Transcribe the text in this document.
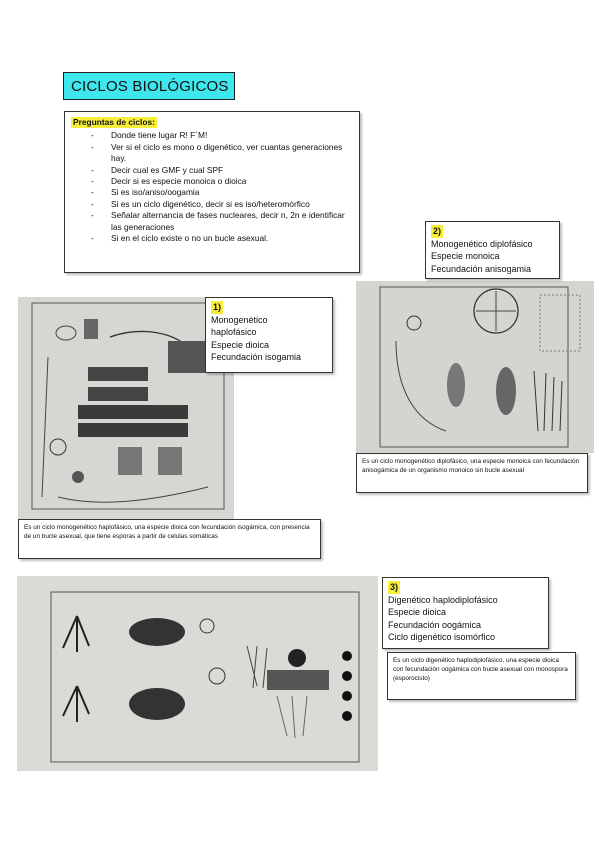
CICLOS BIOLÓGICOS
Preguntas de ciclos:
- Donde tiene lugar R! F´M!
- Ver si el ciclo es mono o digenético, ver cuantas generaciones hay.
- Decir cual es GMF y cual SPF
- Decir si es especie monoica o dioica
- Si es iso/aniso/oogamia
- Si es un ciclo digenético, decir si es iso/heteromórfico
- Señalar alternancia de fases nucleares, decir n, 2n e identificar las generaciones
- Si en el ciclo existe o no un bucle asexual.
1)
Monogenético
haplofásico
Especie dioica
Fecundación isogamia
Es un ciclo monogenético haplofásico, una especie dioica con fecundación isogámica, con presencia de un bucle asexual, que tiene esporas a partir de celulas somáticas
2)
Monogenético diplofásico
Especie monoica
Fecundación anisogamia
Es un ciclo monogenético diplofásico, una especie monoica con fecundación anisogámica de un organismo monoico sin bucle asexual
3)
Digenético haplodiplofásico
Especie dioica
Fecundación oogámica
Ciclo digenético isomórfico
Es un ciclo digenético haplodiplofásico, una especie dioica con fecundación oogámica con bucle asexual con monospora (esporocisto)
